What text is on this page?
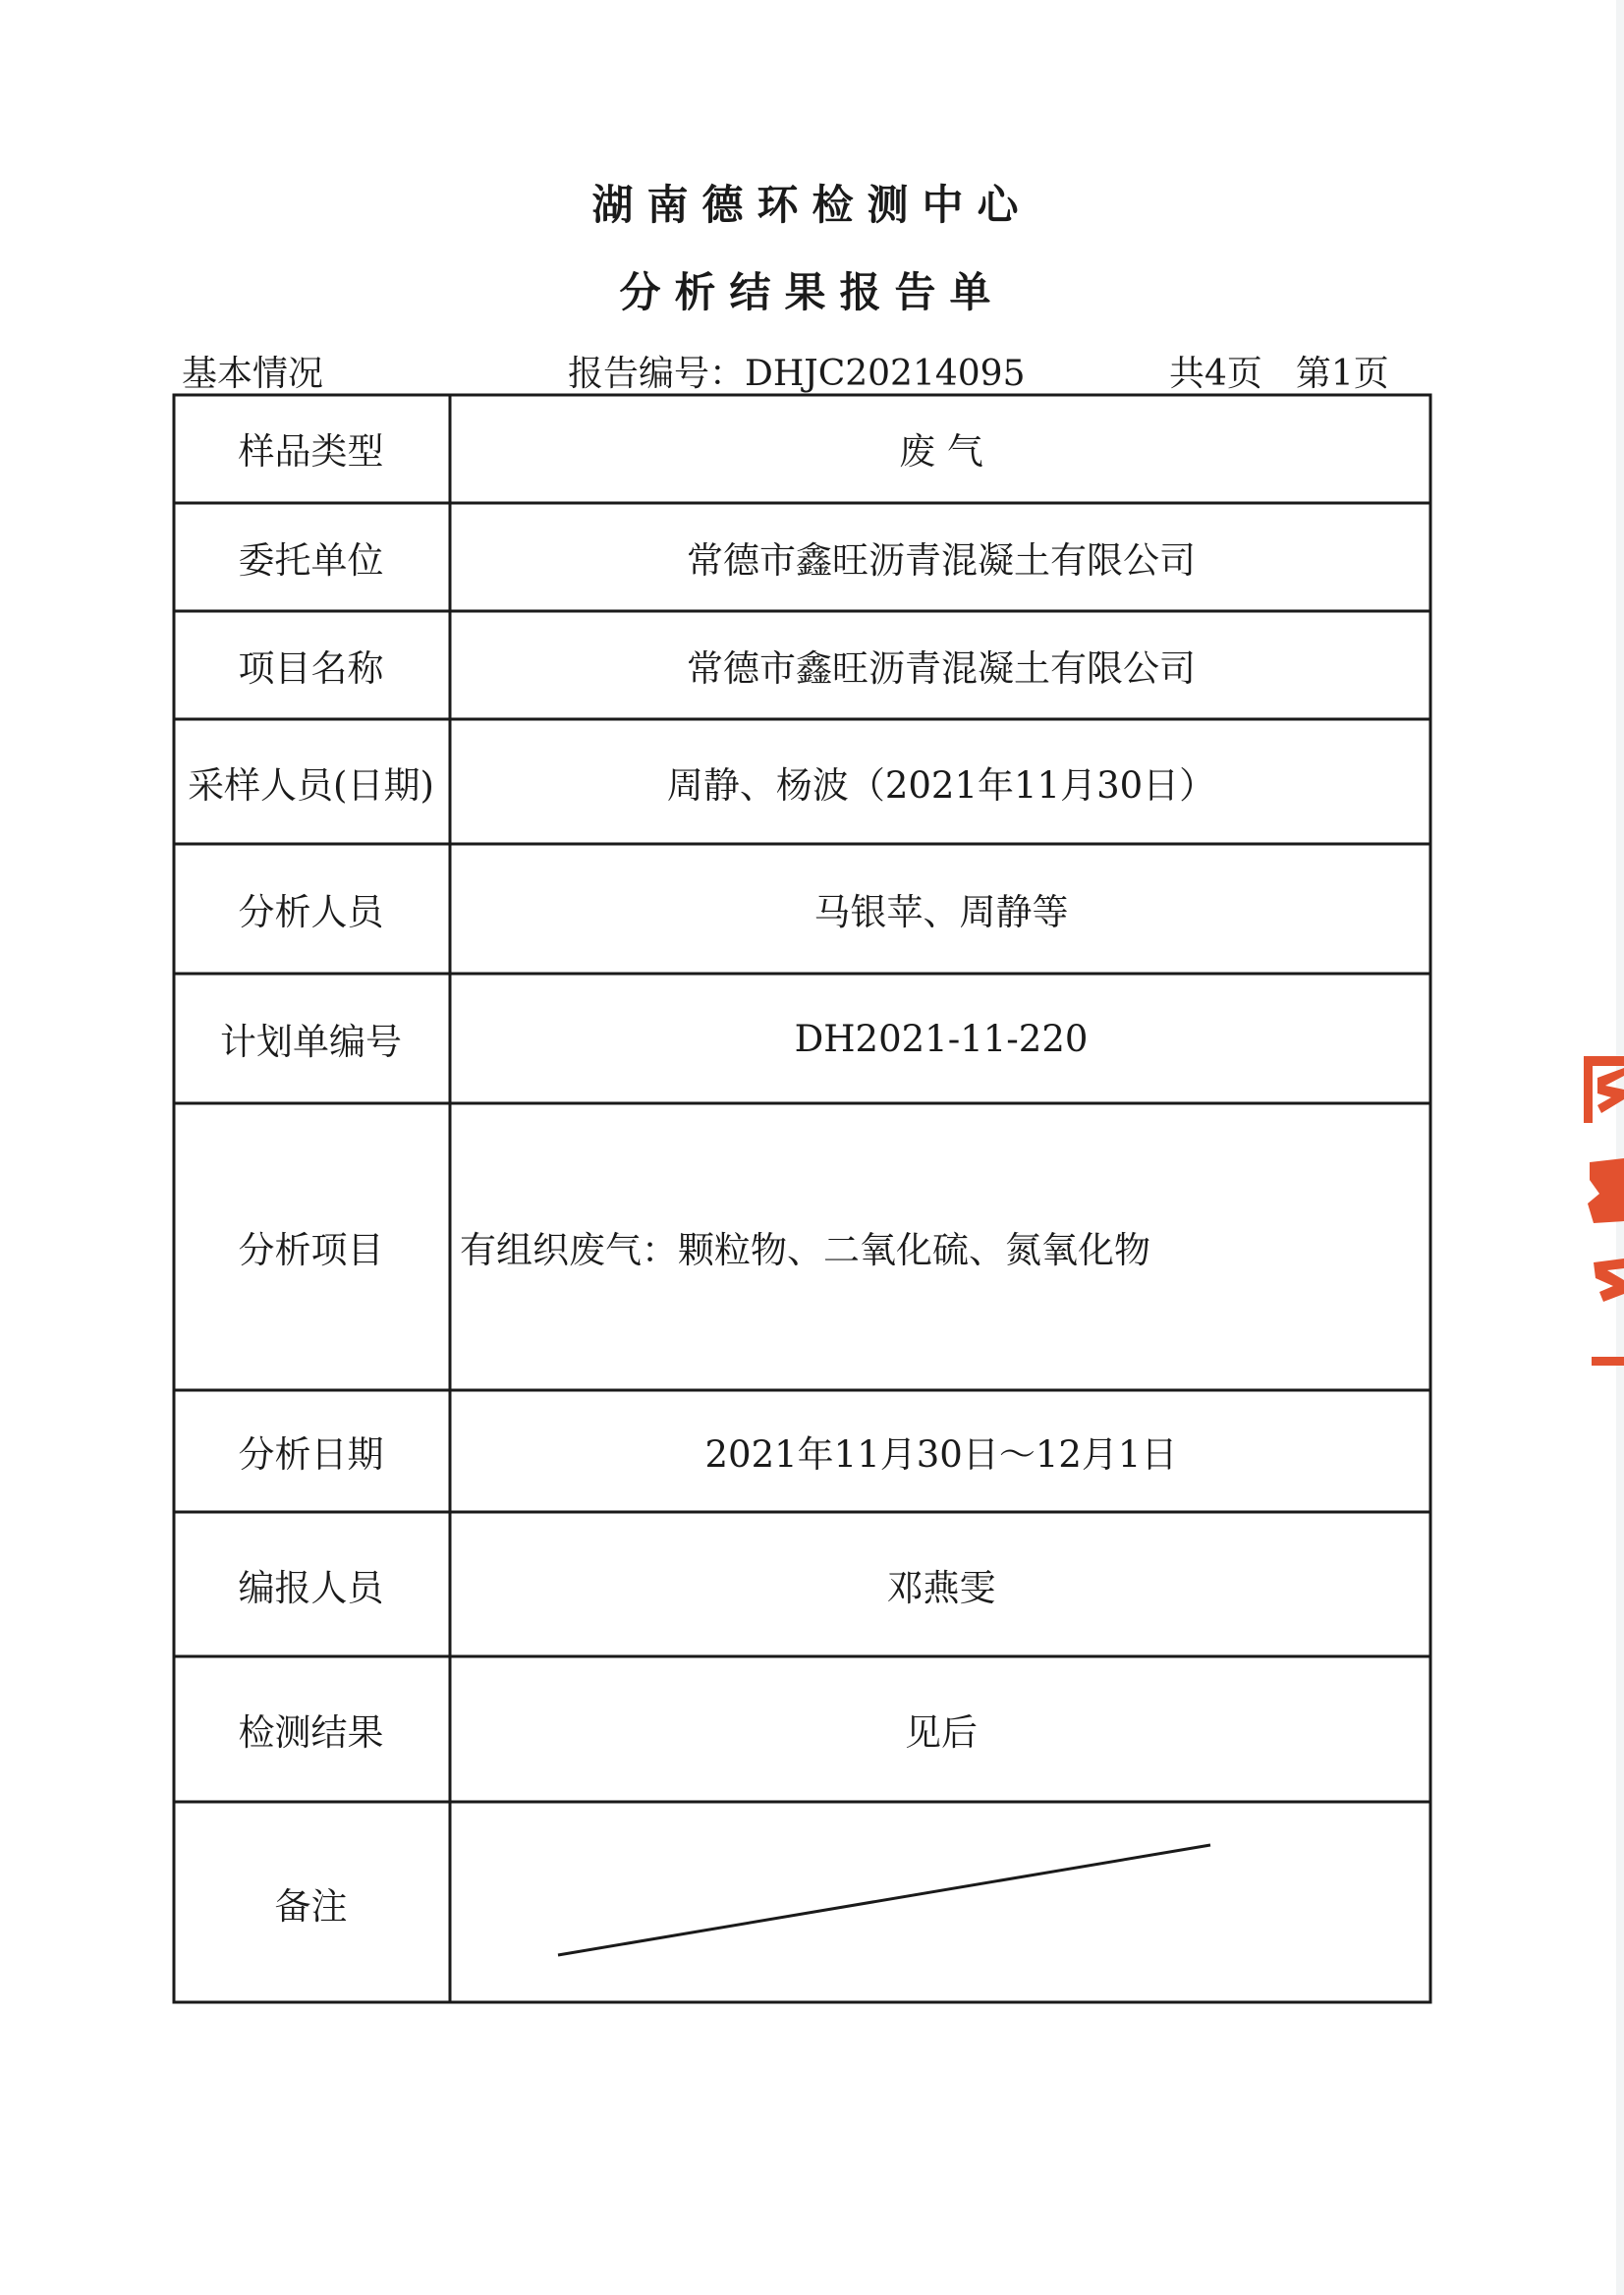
湖南德环检测中心
分析结果报告单
基本情况	报告编号：DHJC20214095	共4页 第1页
样品类型	废 气
委托单位	常德市鑫旺沥青混凝土有限公司
项目名称	常德市鑫旺沥青混凝土有限公司
采样人员(日期)	周静、杨波（2021年11月30日）
分析人员	马银苹、周静等
计划单编号	DH2021-11-220
分析项目	有组织废气：颗粒物、二氧化硫、氮氧化物
分析日期	2021年11月30日～12月1日
编报人员	邓燕雯
检测结果	见后
备注
